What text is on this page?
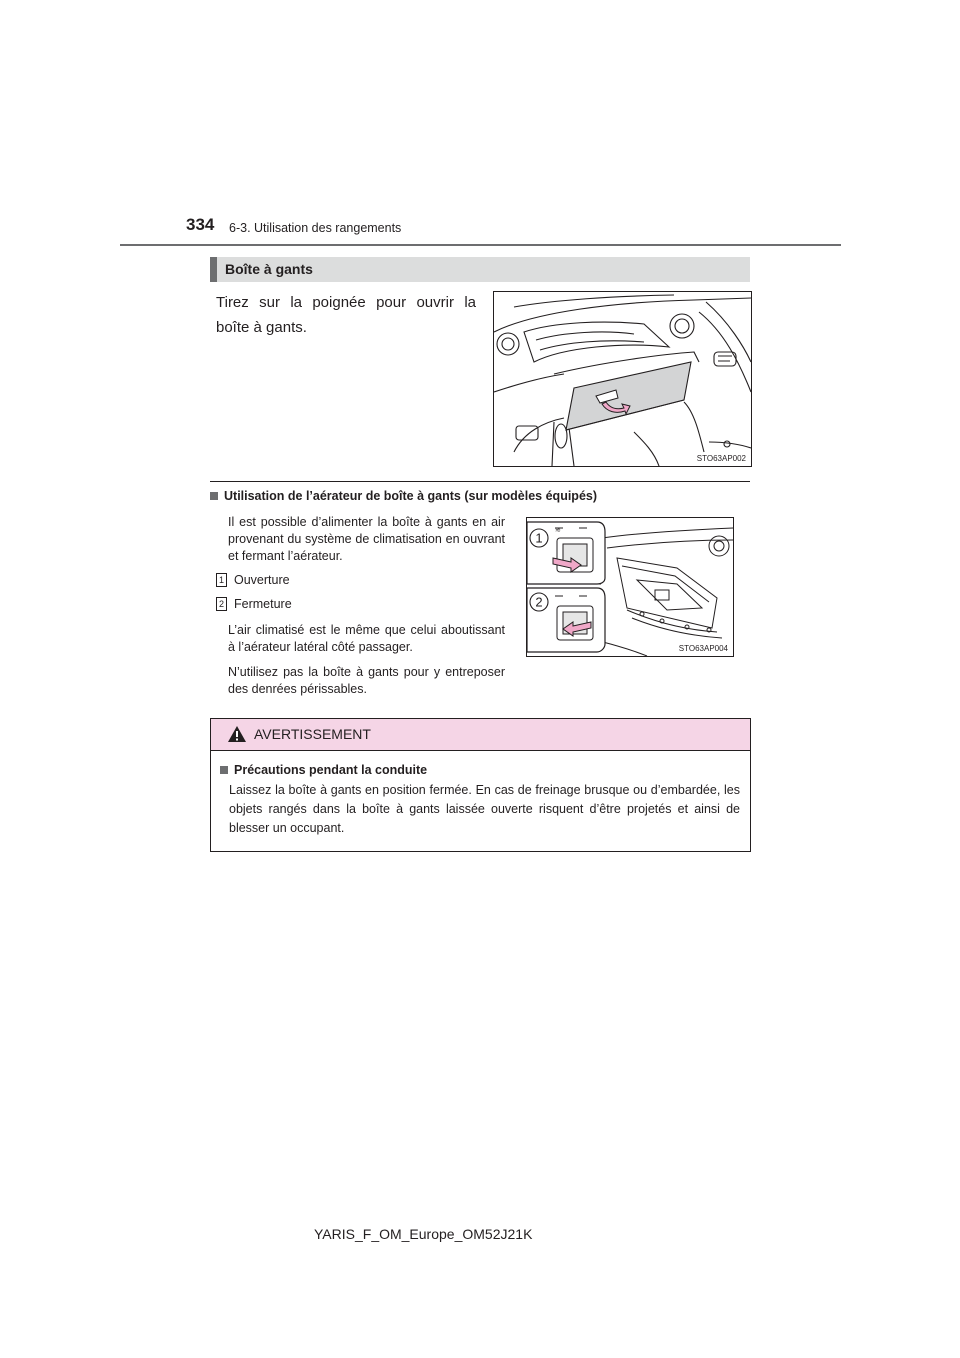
334 6-3. Utilisation des rangements
Boîte à gants
Tirez sur la poignée pour ouvrir la boîte à gants.
STO63AP002
Utilisation de l’aérateur de boîte à gants (sur modèles équipés)
Il est possible d’alimenter la boîte à gants en air provenant du système de climatisation en ouvrant et fermant l’aérateur.
1 Ouverture
2 Fermeture
L’air climatisé est le même que celui aboutissant à l’aérateur latéral côté passager.
N’utilisez pas la boîte à gants pour y entreposer des denrées périssables.
≋
1
2
STO63AP004
AVERTISSEMENT
Précautions pendant la conduite
Laissez la boîte à gants en position fermée. En cas de freinage brusque ou d’embardée, les objets rangés dans la boîte à gants laissée ouverte risquent d’être projetés et ainsi de blesser un occupant.
YARIS_F_OM_Europe_OM52J21K
